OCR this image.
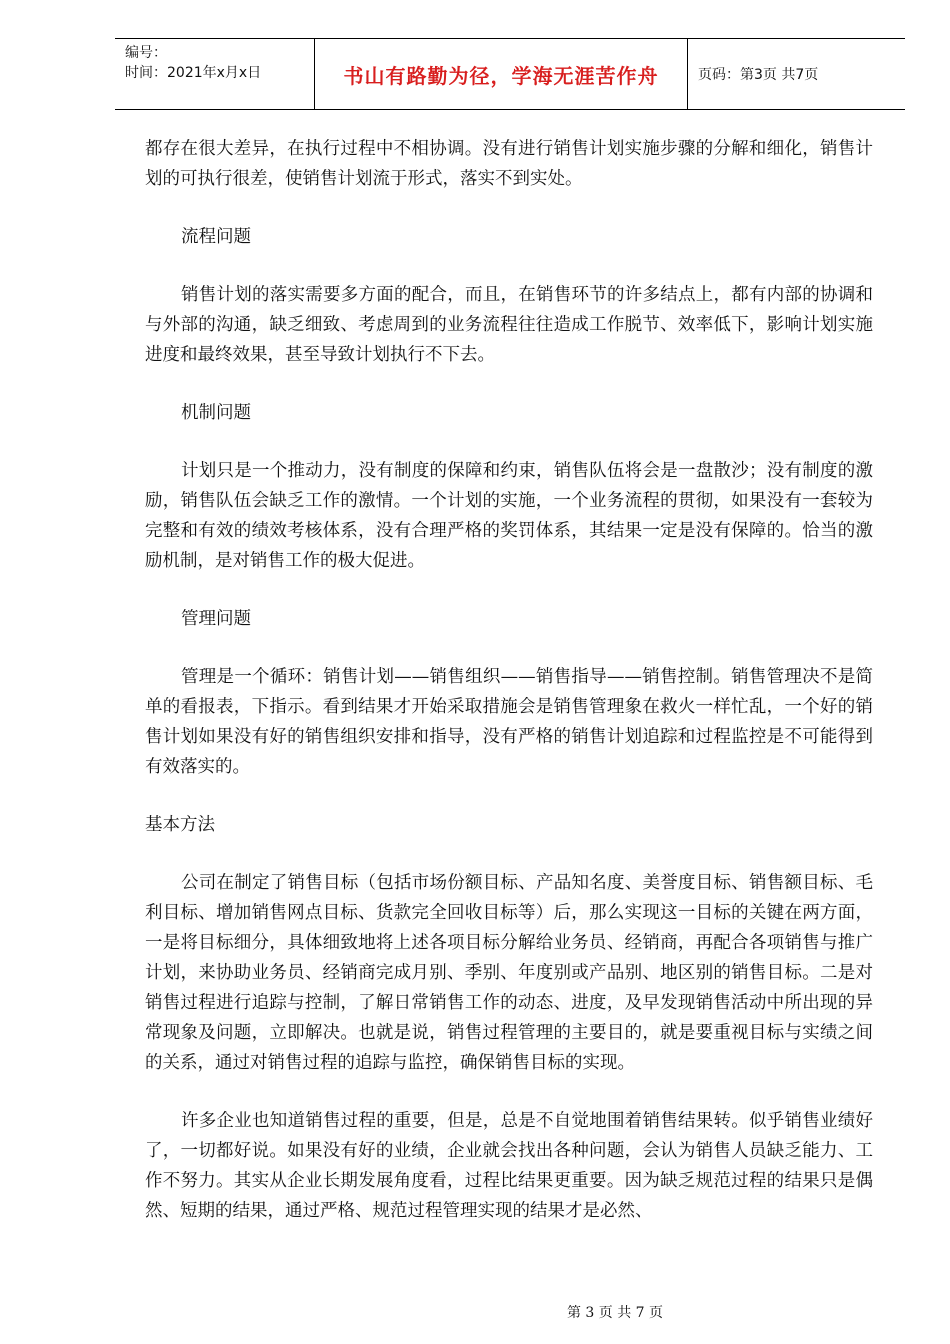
编号：
时间：2021年x月x日	书山有路勤为径，学海无涯苦作舟	页码：第3页 共7页

都存在很大差异，在执行过程中不相协调。没有进行销售计划实施步骤的分解和细化，销售计划的可执行很差，使销售计划流于形式，落实不到实处。

流程问题

销售计划的落实需要多方面的配合，而且，在销售环节的许多结点上，都有内部的协调和与外部的沟通，缺乏细致、考虑周到的业务流程往往造成工作脱节、效率低下，影响计划实施进度和最终效果，甚至导致计划执行不下去。

机制问题

计划只是一个推动力，没有制度的保障和约束，销售队伍将会是一盘散沙；没有制度的激励，销售队伍会缺乏工作的激情。一个计划的实施，一个业务流程的贯彻，如果没有一套较为完整和有效的绩效考核体系，没有合理严格的奖罚体系，其结果一定是没有保障的。恰当的激励机制，是对销售工作的极大促进。

管理问题

管理是一个循环：销售计划——销售组织——销售指导——销售控制。销售管理决不是简单的看报表，下指示。看到结果才开始采取措施会是销售管理象在救火一样忙乱，一个好的销售计划如果没有好的销售组织安排和指导，没有严格的销售计划追踪和过程监控是不可能得到有效落实的。

基本方法

公司在制定了销售目标（包括市场份额目标、产品知名度、美誉度目标、销售额目标、毛利目标、增加销售网点目标、货款完全回收目标等）后，那么实现这一目标的关键在两方面，一是将目标细分，具体细致地将上述各项目标分解给业务员、经销商，再配合各项销售与推广计划，来协助业务员、经销商完成月别、季别、年度别或产品别、地区别的销售目标。二是对销售过程进行追踪与控制，了解日常销售工作的动态、进度，及早发现销售活动中所出现的异常现象及问题，立即解决。也就是说，销售过程管理的主要目的，就是要重视目标与实绩之间的关系，通过对销售过程的追踪与监控，确保销售目标的实现。

许多企业也知道销售过程的重要，但是，总是不自觉地围着销售结果转。似乎销售业绩好了，一切都好说。如果没有好的业绩，企业就会找出各种问题，会认为销售人员缺乏能力、工作不努力。其实从企业长期发展角度看，过程比结果更重要。因为缺乏规范过程的结果只是偶然、短期的结果，通过严格、规范过程管理实现的结果才是必然、

第 3 页 共 7 页
